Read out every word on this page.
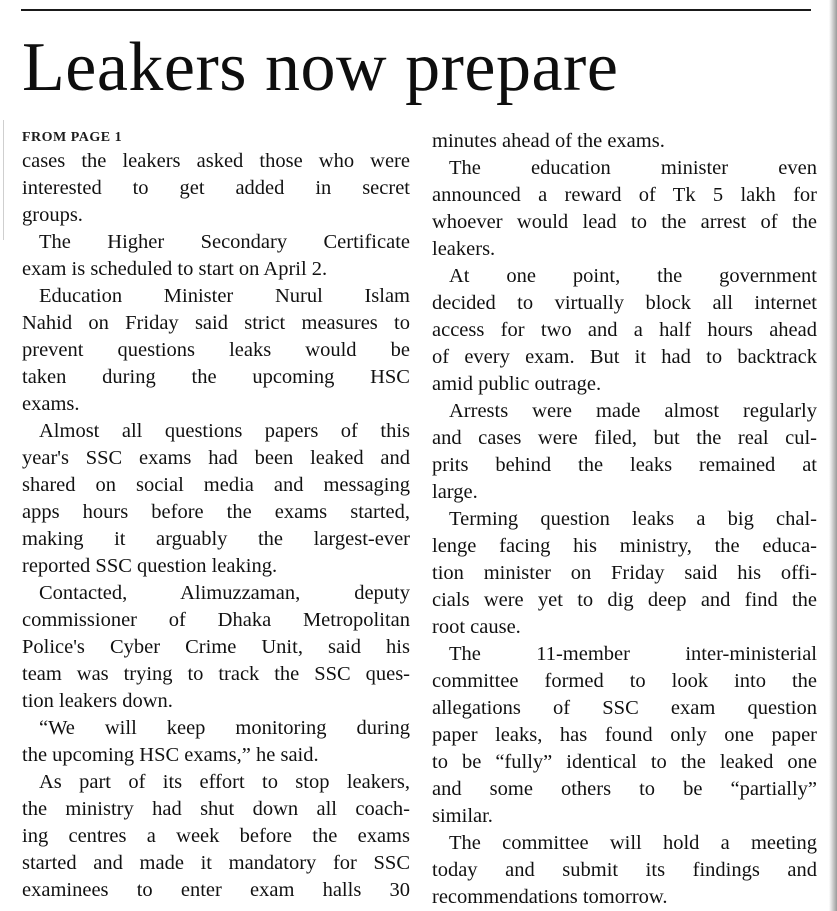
Leakers now prepare
FROM PAGE 1
cases the leakers asked those who were
interested to get added in secret
groups.
The Higher Secondary Certificate
exam is scheduled to start on April 2.
Education Minister Nurul Islam
Nahid on Friday said strict measures to
prevent questions leaks would be
taken during the upcoming HSC
exams.
Almost all questions papers of this
year's SSC exams had been leaked and
shared on social media and messaging
apps hours before the exams started,
making it arguably the largest-ever
reported SSC question leaking.
Contacted, Alimuzzaman, deputy
commissioner of Dhaka Metropolitan
Police's Cyber Crime Unit, said his
team was trying to track the SSC ques-
tion leakers down.
“We will keep monitoring during
the upcoming HSC exams,” he said.
As part of its effort to stop leakers,
the ministry had shut down all coach-
ing centres a week before the exams
started and made it mandatory for SSC
examinees to enter exam halls 30
minutes ahead of the exams.
The education minister even
announced a reward of Tk 5 lakh for
whoever would lead to the arrest of the
leakers.
At one point, the government
decided to virtually block all internet
access for two and a half hours ahead
of every exam. But it had to backtrack
amid public outrage.
Arrests were made almost regularly
and cases were filed, but the real cul-
prits behind the leaks remained at
large.
Terming question leaks a big chal-
lenge facing his ministry, the educa-
tion minister on Friday said his offi-
cials were yet to dig deep and find the
root cause.
The 11-member inter-ministerial
committee formed to look into the
allegations of SSC exam question
paper leaks, has found only one paper
to be “fully” identical to the leaked one
and some others to be “partially”
similar.
The committee will hold a meeting
today and submit its findings and
recommendations tomorrow.
